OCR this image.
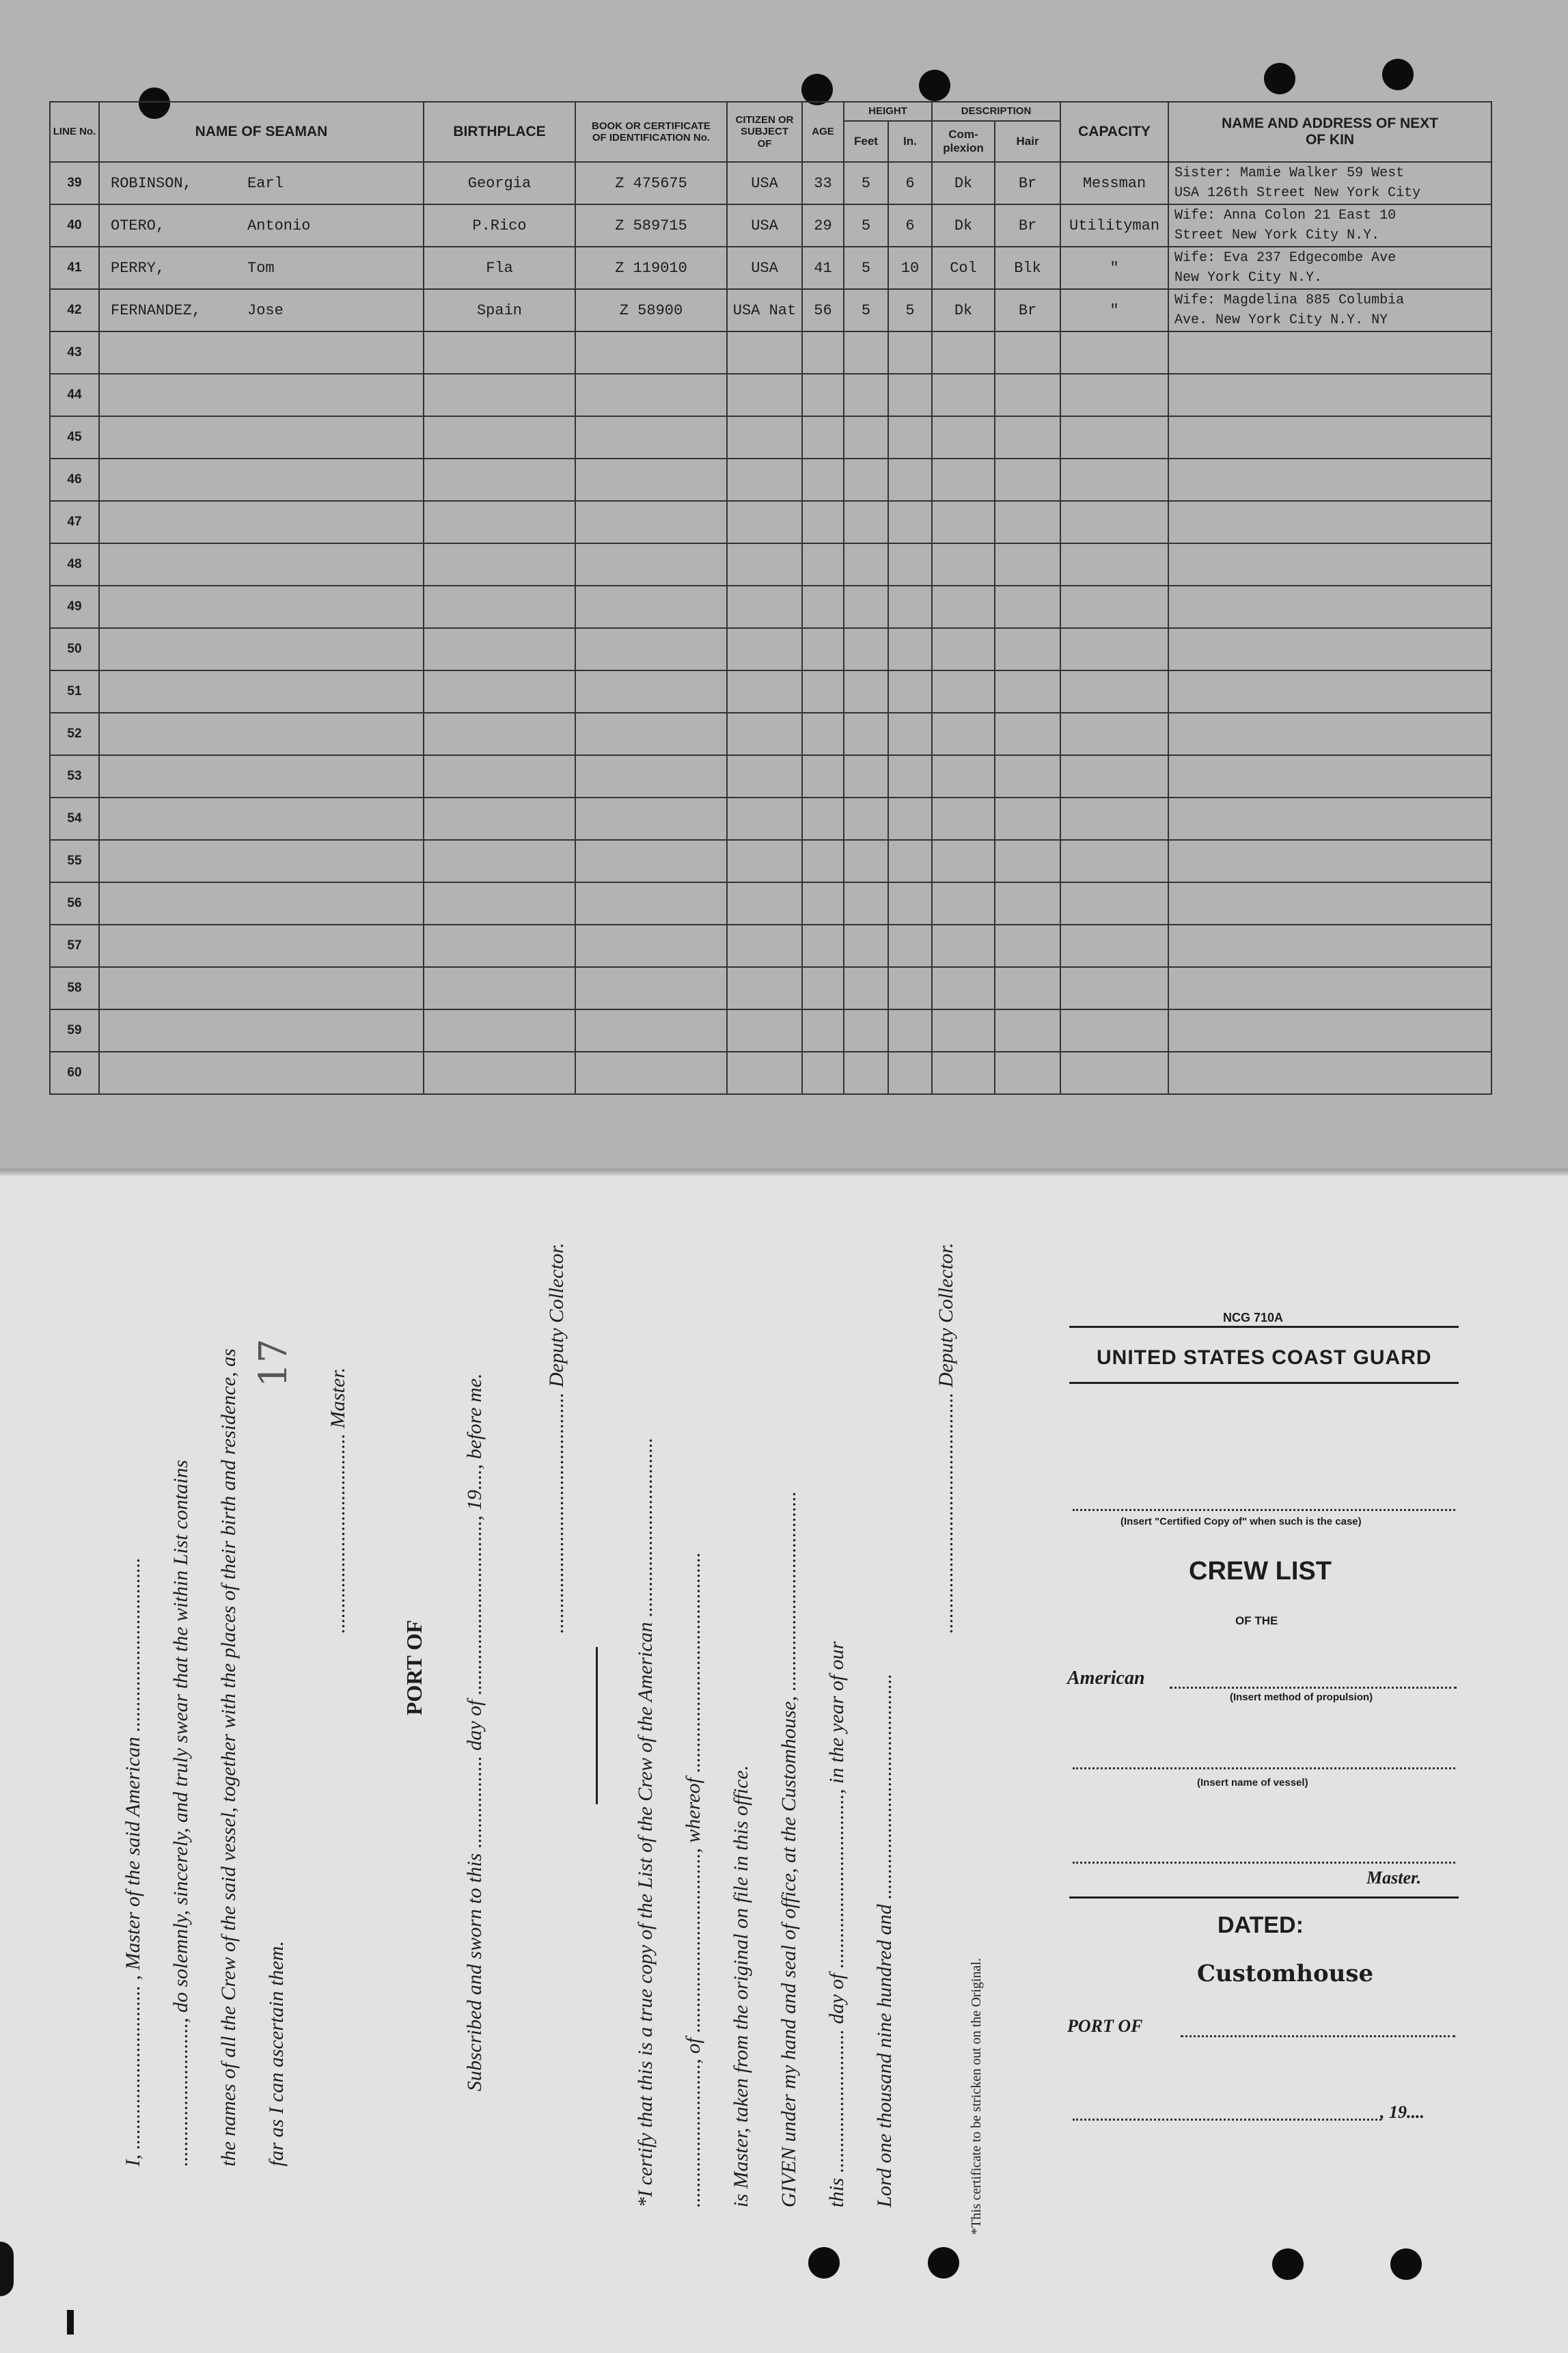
LINE No.	NAME OF SEAMAN	BIRTHPLACE	BOOK OR CERTIFICATE OF IDENTIFICATION No.	CITIZEN OR SUBJECT OF	AGE	HEIGHT		DESCRIPTION		CAPACITY	NAME AND ADDRESS OF NEXT OF KIN
						Feet	In.	Com- plexion	Hair		
39	ROBINSON, Earl	Georgia	Z 475675	USA	33	5	6	Dk	Br	Messman	Sister: Mamie Walker 59 West
USA 126th Street New York City

40	OTERO, Antonio	P.Rico	Z 589715	USA	29	5	6	Dk	Br	Utilityman	Wife: Anna Colon 21 East 10
Street New York City N.Y.

41	PERRY, Tom	Fla	Z 119010	USA	41	5	10	Col	Blk	"	Wife: Eva 237 Edgecombe Ave
New York City N.Y.

42	FERNANDEZ, Jose	Spain	Z 58900	USA Nat	56	5	5	Dk	Br	"	Wife: Magdelina 885 Columbia
Ave. New York City N.Y. NY

43											
44											
45											
46											
47											
48											
49											
50											
51											
52											
53											
54											
55											
56											
57											
58											
59											
60											
I, ................................ , Master of the said American .................................. ............................, do solemnly, sincerely, and truly swear that the within List contains the names of all the Crew of the said vessel, together with the places of their birth and residence, as far as I can ascertain them.
17
....................................... Master.
PORT OF Subscribed and sworn to this .................. day of .................................., 19...., before me.	............................................... Deputy Collector.	*I certify that this is a true copy of the List of the Crew of the American ................................... ............................, of ..................................., whereof ........................................... is Master, taken from the original on file in this office. GIVEN under my hand and seal of office, at the Customhouse, ....................................... this ............................ day of .................................., in the year of our Lord one thousand nine hundred and ............................................
............................................... Deputy Collector.
*This certificate to be stricken out on the Original.
NCG 710A
UNITED STATES COAST GUARD
(Insert "Certified Copy of" when such is the case)
CREW LIST
OF THE
American
(Insert method of propulsion)
(Insert name of vessel)
Master.
DATED:
Customhouse
PORT OF
, 19....
